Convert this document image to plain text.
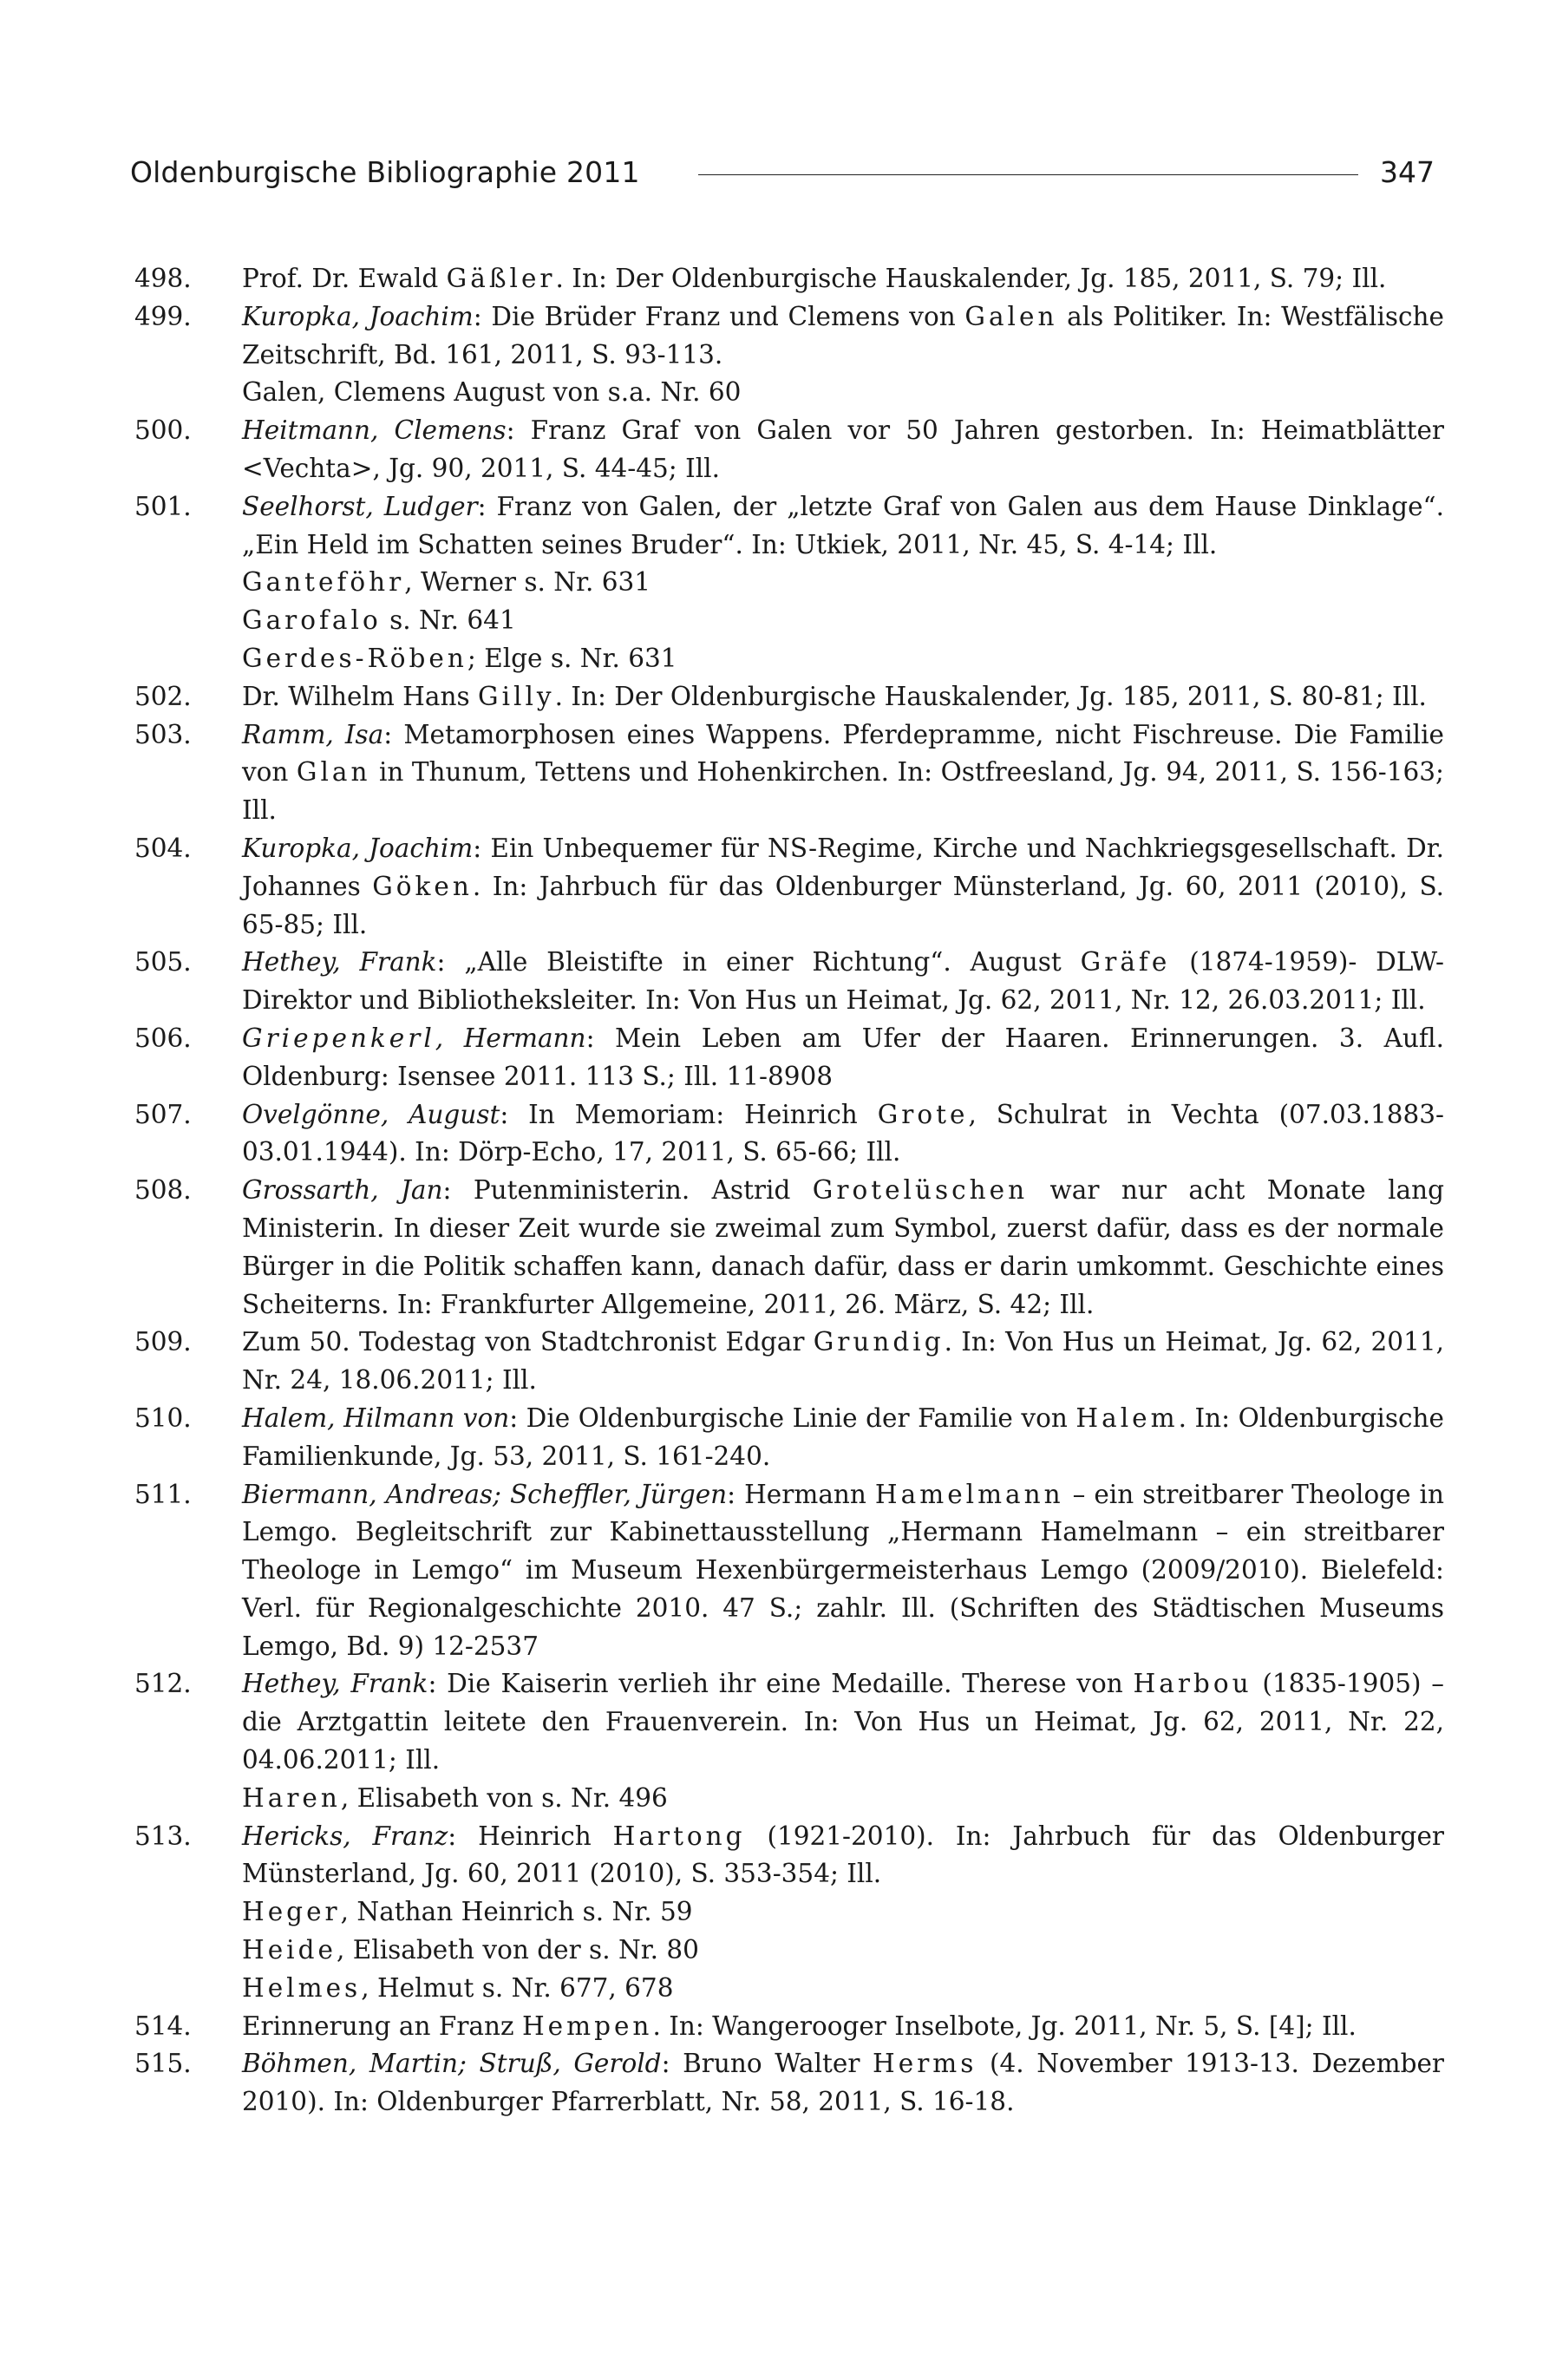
Oldenburgische Bibliographie 2011	347
498.	Prof. Dr. Ewald Gäßler. In: Der Oldenburgische Hauskalender, Jg. 185, 2011, S. 79; Ill.
499.	Kuropka, Joachim: Die Brüder Franz und Clemens von Galen als Politiker. In: Westfälische Zeitschrift, Bd. 161, 2011, S. 93-113.
Galen, Clemens August von s.a. Nr. 60
500.	Heitmann, Clemens: Franz Graf von Galen vor 50 Jahren gestorben. In: Heimatblätter <Vechta>, Jg. 90, 2011, S. 44-45; Ill.
501.	Seelhorst, Ludger: Franz von Galen, der „letzte Graf von Galen aus dem Hause Dinklage“. „Ein Held im Schatten seines Bruder“. In: Utkiek, 2011, Nr. 45, S. 4-14; Ill.
Ganteföhr, Werner s. Nr. 631
Garofalo s. Nr. 641
Gerdes-Röben; Elge s. Nr. 631
502.	Dr. Wilhelm Hans Gilly. In: Der Oldenburgische Hauskalender, Jg. 185, 2011, S. 80-81; Ill.
503.	Ramm, Isa: Metamorphosen eines Wappens. Pferdepramme, nicht Fischreuse. Die Familie von Glan in Thunum, Tettens und Hohenkirchen. In: Ostfreesland, Jg. 94, 2011, S. 156-163; Ill.
504.	Kuropka, Joachim: Ein Unbequemer für NS-Regime, Kirche und Nachkriegsgesellschaft. Dr. Johannes Göken. In: Jahrbuch für das Oldenburger Münsterland, Jg. 60, 2011 (2010), S. 65-85; Ill.
505.	Hethey, Frank: „Alle Bleistifte in einer Richtung“. August Gräfe (1874-1959)- DLW-Direktor und Bibliotheksleiter. In: Von Hus un Heimat, Jg. 62, 2011, Nr. 12, 26.03.2011; Ill.
506.	Griepenkerl, Hermann: Mein Leben am Ufer der Haaren. Erinnerungen. 3. Aufl. Oldenburg: Isensee 2011. 113 S.; Ill. 11-8908
507.	Ovelgönne, August: In Memoriam: Heinrich Grote, Schulrat in Vechta (07.03.1883-03.01.1944). In: Dörp-Echo, 17, 2011, S. 65-66; Ill.
508.	Grossarth, Jan: Putenministerin. Astrid Grotelüschen war nur acht Monate lang Ministerin. In dieser Zeit wurde sie zweimal zum Symbol, zuerst dafür, dass es der normale Bürger in die Politik schaffen kann, danach dafür, dass er darin umkommt. Geschichte eines Scheiterns. In: Frankfurter Allgemeine, 2011, 26. März, S. 42; Ill.
509.	Zum 50. Todestag von Stadtchronist Edgar Grundig. In: Von Hus un Heimat, Jg. 62, 2011, Nr. 24, 18.06.2011; Ill.
510.	Halem, Hilmann von: Die Oldenburgische Linie der Familie von Halem. In: Oldenburgische Familienkunde, Jg. 53, 2011, S. 161-240.
511.	Biermann, Andreas; Scheffler, Jürgen: Hermann Hamelmann – ein streitbarer Theologe in Lemgo. Begleitschrift zur Kabinettausstellung „Hermann Hamelmann – ein streitbarer Theologe in Lemgo“ im Museum Hexenbürgermeisterhaus Lemgo (2009/2010). Bielefeld: Verl. für Regionalgeschichte 2010. 47 S.; zahlr. Ill. (Schriften des Städtischen Museums Lemgo, Bd. 9) 12-2537
512.	Hethey, Frank: Die Kaiserin verlieh ihr eine Medaille. Therese von Harbou (1835-1905) – die Arztgattin leitete den Frauenverein. In: Von Hus un Heimat, Jg. 62, 2011, Nr. 22, 04.06.2011; Ill.
Haren, Elisabeth von s. Nr. 496
513.	Hericks, Franz: Heinrich Hartong (1921-2010). In: Jahrbuch für das Oldenburger Münsterland, Jg. 60, 2011 (2010), S. 353-354; Ill.
Heger, Nathan Heinrich s. Nr. 59
Heide, Elisabeth von der s. Nr. 80
Helmes, Helmut s. Nr. 677, 678
514.	Erinnerung an Franz Hempen. In: Wangerooger Inselbote, Jg. 2011, Nr. 5, S. [4]; Ill.
515.	Böhmen, Martin; Struß, Gerold: Bruno Walter Herms (4. November 1913-13. Dezember 2010). In: Oldenburger Pfarrerblatt, Nr. 58, 2011, S. 16-18.
